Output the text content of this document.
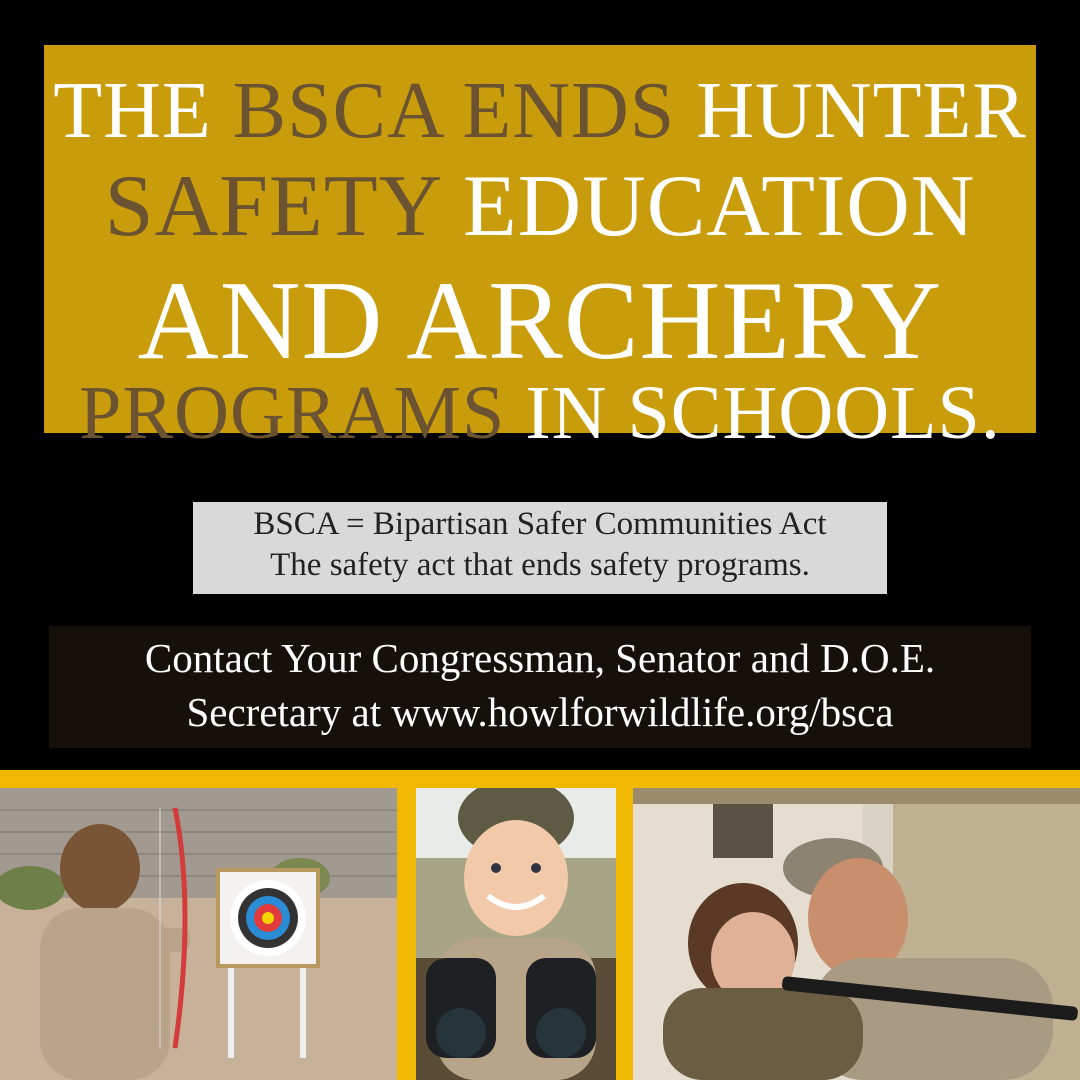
THE BSCA ENDS HUNTER
SAFETY EDUCATION
AND ARCHERY
PROGRAMS IN SCHOOLS.
BSCA = Bipartisan Safer Communities Act
The safety act that ends safety programs.
Contact Your Congressman, Senator and D.O.E.
Secretary at www.howlforwildlife.org/bsca
